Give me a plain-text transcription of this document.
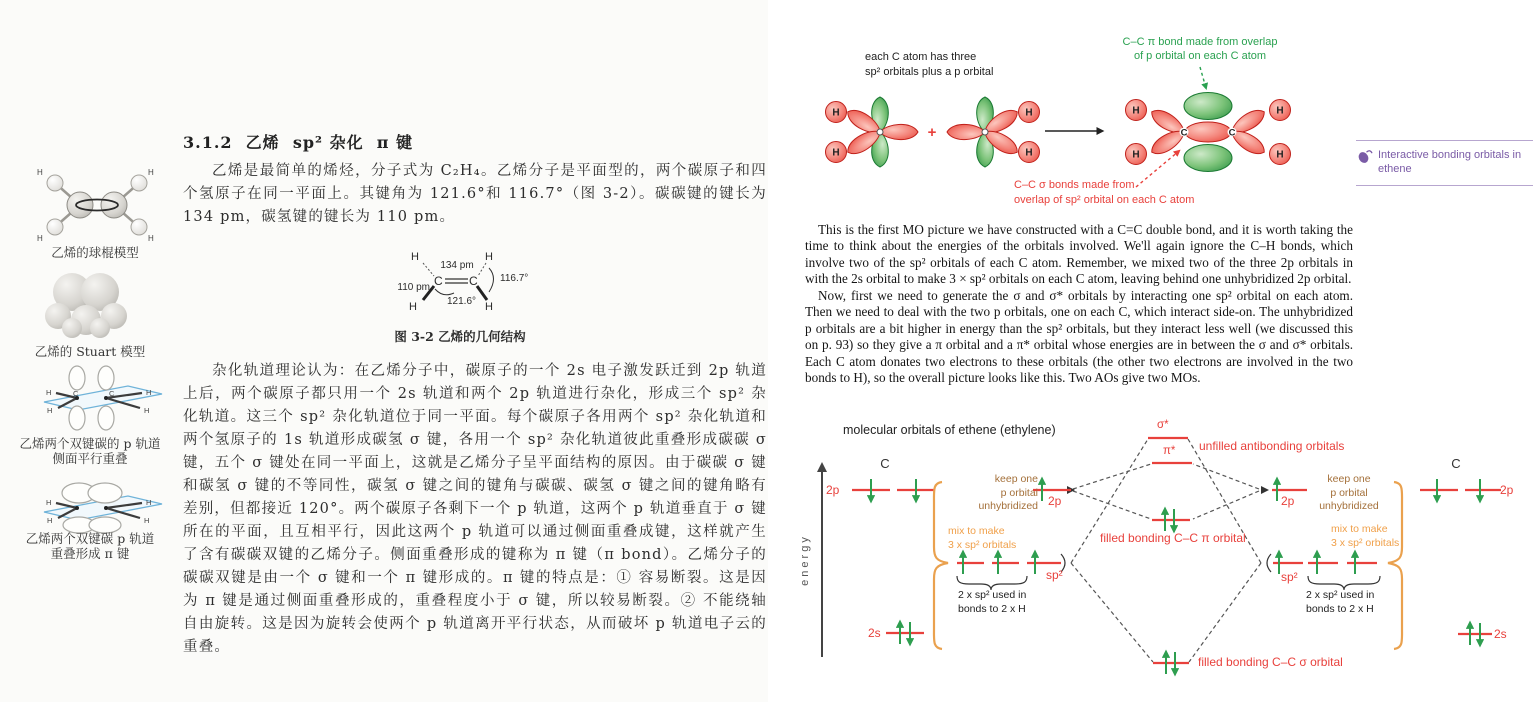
H	H
H	H
乙烯的球棍模型
乙烯的 Stuart 模型
H
H
H
H
C	C
乙烯两个双键碳的 p 轨道
侧面平行重叠
H
H
H
H
乙烯两个双键碳 p 轨道
重叠形成 π 键
3.1.2  乙烯  sp² 杂化  π 键
乙烯是最简单的烯烃，分子式为 C₂H₄。乙烯分子是平面型的，两个碳原子和四个氢原子在同一平面上。其键角为 121.6°和 116.7°（图 3-2）。碳碳键的键长为 134 pm，碳氢键的键长为 110 pm。
H	H
H	H
C C
134 pm
110 pm
116.7°
121.6°
图 3-2 乙烯的几何结构
杂化轨道理论认为：在乙烯分子中，碳原子的一个 2s 电子激发跃迁到 2p 轨道上后，两个碳原子都只用一个 2s 轨道和两个 2p 轨道进行杂化，形成三个 sp² 杂化轨道。这三个 sp² 杂化轨道位于同一平面。每个碳原子各用两个 sp² 杂化轨道和两个氢原子的 1s 轨道形成碳氢 σ 键，各用一个 sp² 杂化轨道彼此重叠形成碳碳 σ 键，五个 σ 键处在同一平面上，这就是乙烯分子呈平面结构的原因。由于碳碳 σ 键和碳氢 σ 键的不等同性，碳氢 σ 键之间的键角与碳碳、碳氢 σ 键之间的键角略有差别，但都接近 120°。两个碳原子各剩下一个 p 轨道，这两个 p 轨道垂直于 σ 键所在的平面，且互相平行，因此这两个 p 轨道可以通过侧面重叠成键，这样就产生了含有碳碳双键的乙烯分子。侧面重叠形成的键称为 π 键（π bond）。乙烯分子的碳碳双键是由一个 σ 键和一个 π 键形成的。π 键的特点是：① 容易断裂。这是因为 π 键是通过侧面重叠形成的，重叠程度小于 σ 键，所以较易断裂。② 不能绕轴自由旋转。这是因为旋转会使两个 p 轨道离开平行状态，从而破坏 p 轨道电子云的重叠。
H
H
+
H
H
H
H
H
H
C	C
each C atom has three
sp² orbitals plus a p orbital
C–C π bond made from overlap
of p orbital on each C atom
C–C σ bonds made from
overlap of sp² orbital on each C atom
Interactive bonding orbitals in ethene

This is the first MO picture we have constructed with a C=C double bond, and it is worth taking the time to think about the energies of the orbitals involved. We'll again ignore the C–H bonds, which involve two of the sp² orbitals of each C atom. Remember, we mixed two of the three 2p orbitals in with the 2s orbital to make 3 × sp² orbitals on each C atom, leaving behind one unhybridized 2p orbital.

Now, first we need to generate the σ and σ* orbitals by interacting one sp² orbital on each atom. Then we need to deal with the two p orbitals, one on each C, which interact side-on. The unhybridized p orbitals are a bit higher in energy than the sp² orbitals, but they interact less well (we discussed this on p. 93) so they give a π orbital and a π* orbital whose energies are in between the σ and σ* orbitals. Each C atom donates two electrons to these orbitals (the other two electrons are involved in the two bonds to H), so the overall picture looks like this. Two AOs give two MOs.

molecular orbitals of ethene (ethylene)
energy
C	C
2p
2s
2p
sp²
2p
sp²
2p
2s
keep one
p orbital
unhybridized
keep one
p orbital
unhybridized
mix to make
3 x sp² orbitals
mix to make
3 x sp² orbitals
2 x sp² used in
bonds to 2 x H
2 x sp² used in
bonds to 2 x H
σ*
π* unfilled antibonding orbitals
filled bonding C–C π orbital
filled bonding C–C σ orbital
